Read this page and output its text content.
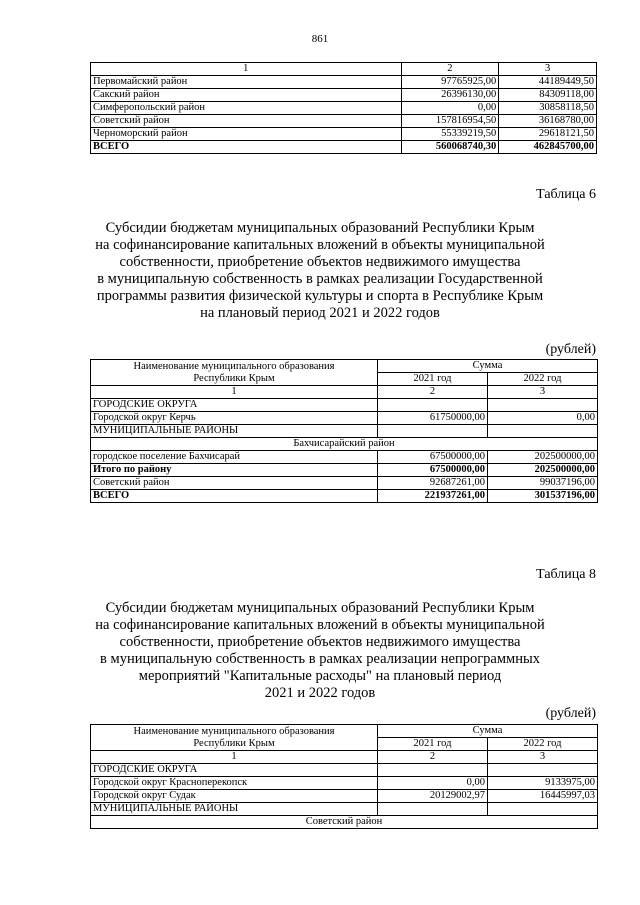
861
1	2	3
Первомайский район	97765925,00	44189449,50
Сакский район	26396130,00	84309118,00
Симферопольский район	0,00	30858118,50
Советский район	157816954,50	36168780,00
Черноморский район	55339219,50	29618121,50
ВСЕГО	560068740,30	462845700,00
Таблица 6
Субсидии бюджетам муниципальных образований Республики Крым
на софинансирование капитальных вложений в объекты муниципальной
собственности, приобретение объектов недвижимого имущества
в муниципальную собственность в рамках реализации Государственной
программы развития физической культуры и спорта в Республике Крым
на плановый период 2021 и 2022 годов
(рублей)
Наименование муниципального образования
Республики Крым	Сумма	
	2021 год	2022 год
1	2	3
ГОРОДСКИЕ ОКРУГА		
Городской округ Керчь	61750000,00	0,00
МУНИЦИПАЛЬНЫЕ РАЙОНЫ		
Бахчисарайский район		
городское поселение Бахчисарай	67500000,00	202500000,00
Итого по району	67500000,00	202500000,00
Советский район	92687261,00	99037196,00
ВСЕГО	221937261,00	301537196,00
Таблица 8
Субсидии бюджетам муниципальных образований Республики Крым
на софинансирование капитальных вложений в объекты муниципальной
собственности, приобретение объектов недвижимого имущества
в муниципальную собственность в рамках реализации непрограммных
мероприятий "Капитальные расходы" на плановый период
2021 и 2022 годов
(рублей)
Наименование муниципального образования
Республики Крым	Сумма	
	2021 год	2022 год
1	2	3
ГОРОДСКИЕ ОКРУГА		
Городской округ Красноперекопск	0,00	9133975,00
Городской округ Судак	20129002,97	16445997,03
МУНИЦИПАЛЬНЫЕ РАЙОНЫ		
Советский район		
